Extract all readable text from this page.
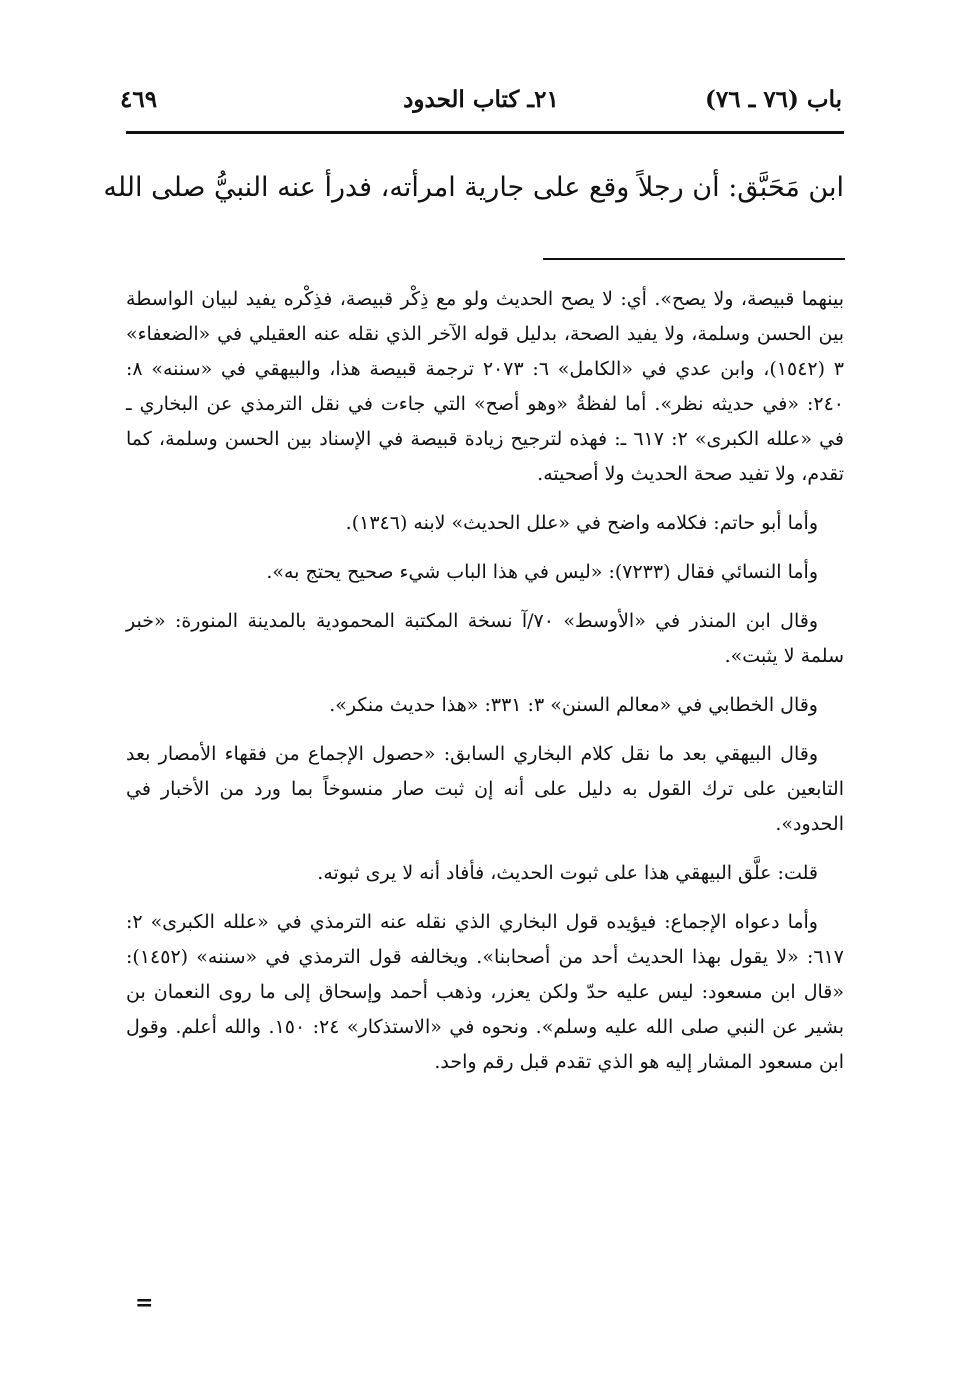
باب (٧٦ ـ ٧٦)
٢١ـ كتاب الحدود
٤٦٩
ابن مَحَبَّق: أن رجلاً وقع على جارية امرأته، فدرأ عنه النبيُّ صلى الله

بينهما قبيصة، ولا يصح». أي: لا يصح الحديث ولو مع ذِكْر قبيصة، فذِكْره يفيد لبيان الواسطة بين الحسن وسلمة، ولا يفيد الصحة، بدليل قوله الآخر الذي نقله عنه العقيلي في «الضعفاء» ٣ (١٥٤٢)، وابن عدي في «الكامل» ٦: ٢٠٧٣ ترجمة قبيصة هذا، والبيهقي في «سننه» ٨: ٢٤٠: «في حديثه نظر». أما لفظةُ «وهو أصح» التي جاءت في نقل الترمذي عن البخاري ـ في «علله الكبرى» ٢: ٦١٧ ـ: فهذه لترجيح زيادة قبيصة في الإسناد بين الحسن وسلمة، كما تقدم، ولا تفيد صحة الحديث ولا أصحيته.

وأما أبو حاتم: فكلامه واضح في «علل الحديث» لابنه (١٣٤٦).

وأما النسائي فقال (٧٢٣٣): «ليس في هذا الباب شيء صحيح يحتج به».

وقال ابن المنذر في «الأوسط» ٧٠/آ نسخة المكتبة المحمودية بالمدينة المنورة: «خبر سلمة لا يثبت».

وقال الخطابي في «معالم السنن» ٣: ٣٣١: «هذا حديث منكر».

وقال البيهقي بعد ما نقل كلام البخاري السابق: «حصول الإجماع من فقهاء الأمصار بعد التابعين على ترك القول به دليل على أنه إن ثبت صار منسوخاً بما ورد من الأخبار في الحدود».

قلت: علَّق البيهقي هذا على ثبوت الحديث، فأفاد أنه لا يرى ثبوته.

وأما دعواه الإجماع: فيؤيده قول البخاري الذي نقله عنه الترمذي في «علله الكبرى» ٢: ٦١٧: «لا يقول بهذا الحديث أحد من أصحابنا». ويخالفه قول الترمذي في «سننه» (١٤٥٢): «قال ابن مسعود: ليس عليه حدّ ولكن يعزر، وذهب أحمد وإسحاق إلى ما روى النعمان بن بشير عن النبي صلى الله عليه وسلم». ونحوه في «الاستذكار» ٢٤: ١٥٠. والله أعلم. وقول ابن مسعود المشار إليه هو الذي تقدم قبل رقم واحد.

=
